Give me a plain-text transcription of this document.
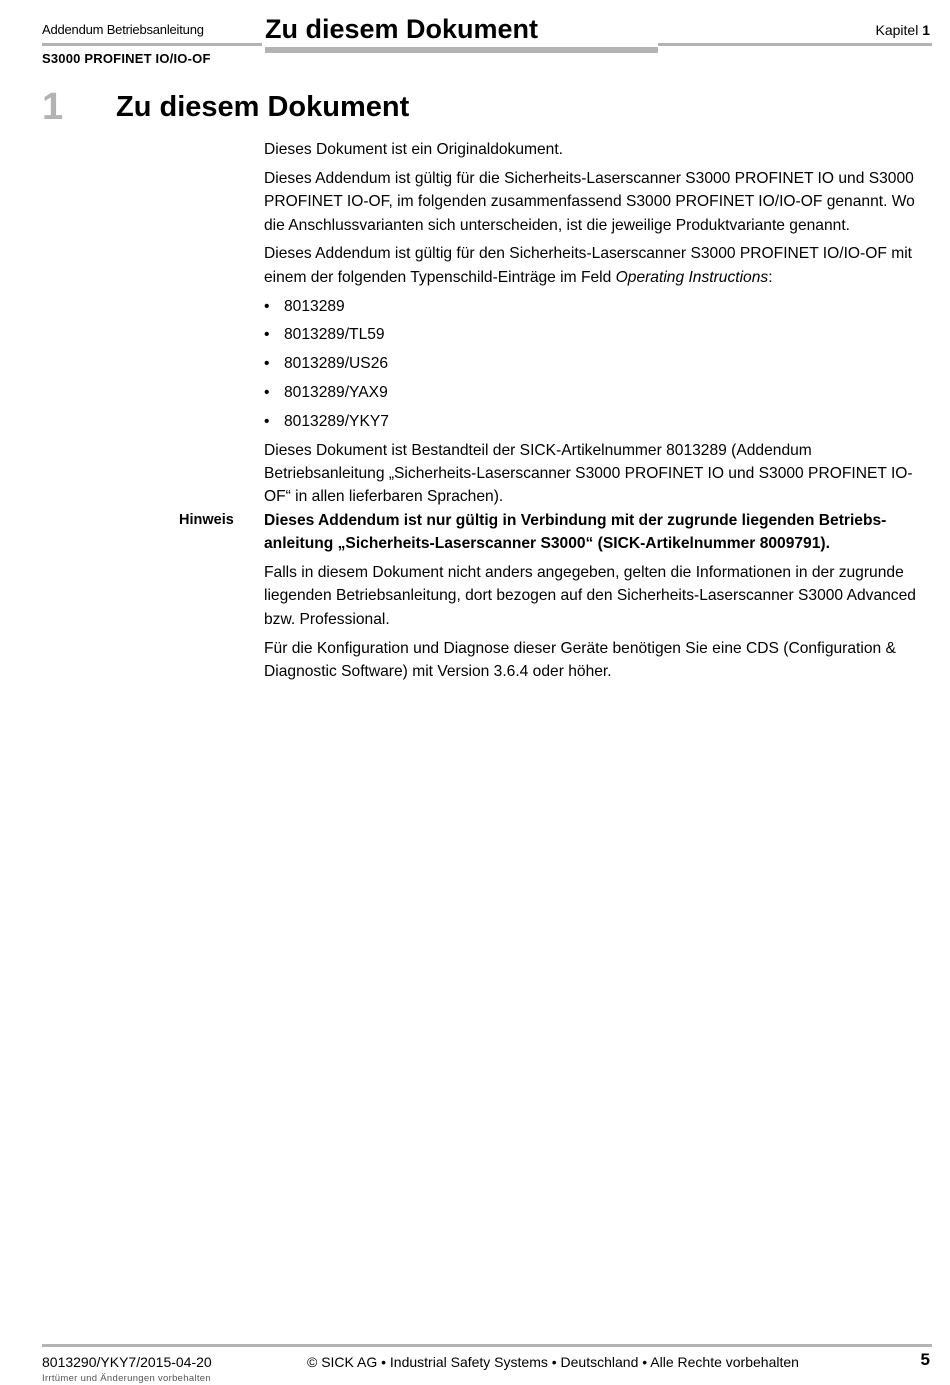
Addendum Betriebsanleitung
S3000 PROFINET IO/IO-OF
Zu diesem Dokument	Kapitel 1
1 Zu diesem Dokument

Dieses Dokument ist ein Originaldokument.

Dieses Addendum ist gültig für die Sicherheits-Laserscanner S3000 PROFINET IO und S3000 PROFINET IO-OF, im folgenden zusammenfassend S3000 PROFINET IO/IO-OF genannt. Wo die Anschlussvarianten sich unterscheiden, ist die jeweilige Produktvariante genannt.

Dieses Addendum ist gültig für den Sicherheits-Laserscanner S3000 PROFINET IO/IO-OF mit einem der folgenden Typenschild-Einträge im Feld Operating Instructions:

• 8013289
• 8013289/TL59
• 8013289/US26
• 8013289/YAX9
• 8013289/YKY7

Dieses Dokument ist Bestandteil der SICK-Artikelnummer 8013289 (Addendum Betriebsanleitung „Sicherheits-Laserscanner S3000 PROFINET IO und S3000 PROFINET IO-OF“ in allen lieferbaren Sprachen).

Hinweis Dieses Addendum ist nur gültig in Verbindung mit der zugrunde liegenden Betriebsanleitung „Sicherheits-Laserscanner S3000“ (SICK-Artikelnummer 8009791).

Falls in diesem Dokument nicht anders angegeben, gelten die Informationen in der zugrunde liegenden Betriebsanleitung, dort bezogen auf den Sicherheits-Laserscanner S3000 Advanced bzw. Professional.

Für die Konfiguration und Diagnose dieser Geräte benötigen Sie eine CDS (Configuration & Diagnostic Software) mit Version 3.6.4 oder höher.

8013290/YKY7/2015-04-20	© SICK AG • Industrial Safety Systems • Deutschland • Alle Rechte vorbehalten	5
Irrtümer und Änderungen vorbehalten
